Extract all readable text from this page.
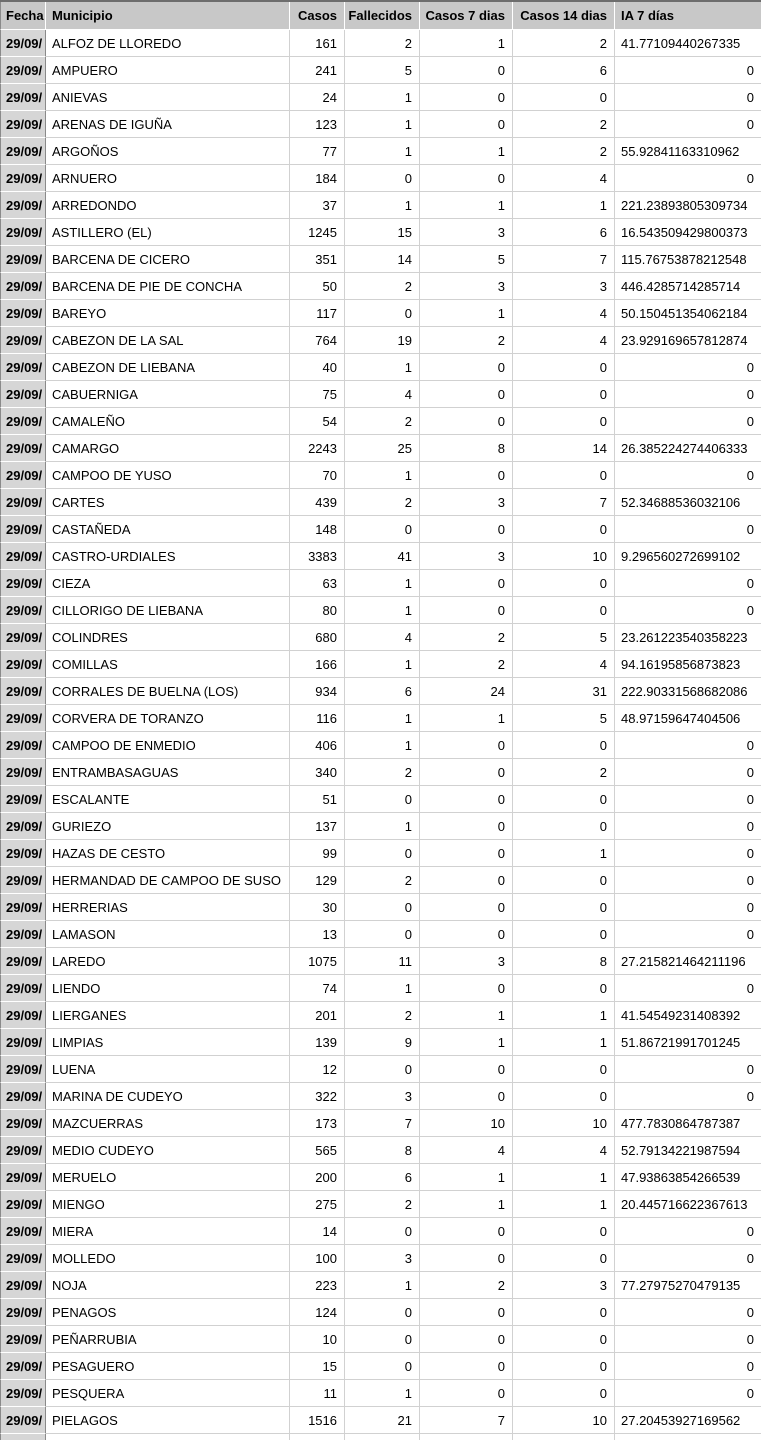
Fecha	Municipio	Casos	Fallecidos	Casos 7 dias	Casos 14 dias	IA 7 días
29/09/	ALFOZ DE LLOREDO	161	2	1	2	41.77109440267335
29/09/	AMPUERO	241	5	0	6	0
29/09/	ANIEVAS	24	1	0	0	0
29/09/	ARENAS DE IGUÑA	123	1	0	2	0
29/09/	ARGOÑOS	77	1	1	2	55.92841163310962
29/09/	ARNUERO	184	0	0	4	0
29/09/	ARREDONDO	37	1	1	1	221.23893805309734
29/09/	ASTILLERO (EL)	1245	15	3	6	16.543509429800373
29/09/	BARCENA DE CICERO	351	14	5	7	115.76753878212548
29/09/	BARCENA DE PIE DE CONCHA	50	2	3	3	446.4285714285714
29/09/	BAREYO	117	0	1	4	50.150451354062184
29/09/	CABEZON DE LA SAL	764	19	2	4	23.929169657812874
29/09/	CABEZON DE LIEBANA	40	1	0	0	0
29/09/	CABUERNIGA	75	4	0	0	0
29/09/	CAMALEÑO	54	2	0	0	0
29/09/	CAMARGO	2243	25	8	14	26.385224274406333
29/09/	CAMPOO DE YUSO	70	1	0	0	0
29/09/	CARTES	439	2	3	7	52.34688536032106
29/09/	CASTAÑEDA	148	0	0	0	0
29/09/	CASTRO-URDIALES	3383	41	3	10	9.296560272699102
29/09/	CIEZA	63	1	0	0	0
29/09/	CILLORIGO DE LIEBANA	80	1	0	0	0
29/09/	COLINDRES	680	4	2	5	23.261223540358223
29/09/	COMILLAS	166	1	2	4	94.16195856873823
29/09/	CORRALES DE BUELNA (LOS)	934	6	24	31	222.90331568682086
29/09/	CORVERA DE TORANZO	116	1	1	5	48.97159647404506
29/09/	CAMPOO DE ENMEDIO	406	1	0	0	0
29/09/	ENTRAMBASAGUAS	340	2	0	2	0
29/09/	ESCALANTE	51	0	0	0	0
29/09/	GURIEZO	137	1	0	0	0
29/09/	HAZAS DE CESTO	99	0	0	1	0
29/09/	HERMANDAD DE CAMPOO DE SUSO	129	2	0	0	0
29/09/	HERRERIAS	30	0	0	0	0
29/09/	LAMASON	13	0	0	0	0
29/09/	LAREDO	1075	11	3	8	27.215821464211196
29/09/	LIENDO	74	1	0	0	0
29/09/	LIERGANES	201	2	1	1	41.54549231408392
29/09/	LIMPIAS	139	9	1	1	51.86721991701245
29/09/	LUENA	12	0	0	0	0
29/09/	MARINA DE CUDEYO	322	3	0	0	0
29/09/	MAZCUERRAS	173	7	10	10	477.7830864787387
29/09/	MEDIO CUDEYO	565	8	4	4	52.79134221987594
29/09/	MERUELO	200	6	1	1	47.93863854266539
29/09/	MIENGO	275	2	1	1	20.445716622367613
29/09/	MIERA	14	0	0	0	0
29/09/	MOLLEDO	100	3	0	0	0
29/09/	NOJA	223	1	2	3	77.27975270479135
29/09/	PENAGOS	124	0	0	0	0
29/09/	PEÑARRUBIA	10	0	0	0	0
29/09/	PESAGUERO	15	0	0	0	0
29/09/	PESQUERA	11	1	0	0	0
29/09/	PIELAGOS	1516	21	7	10	27.20453927169562
